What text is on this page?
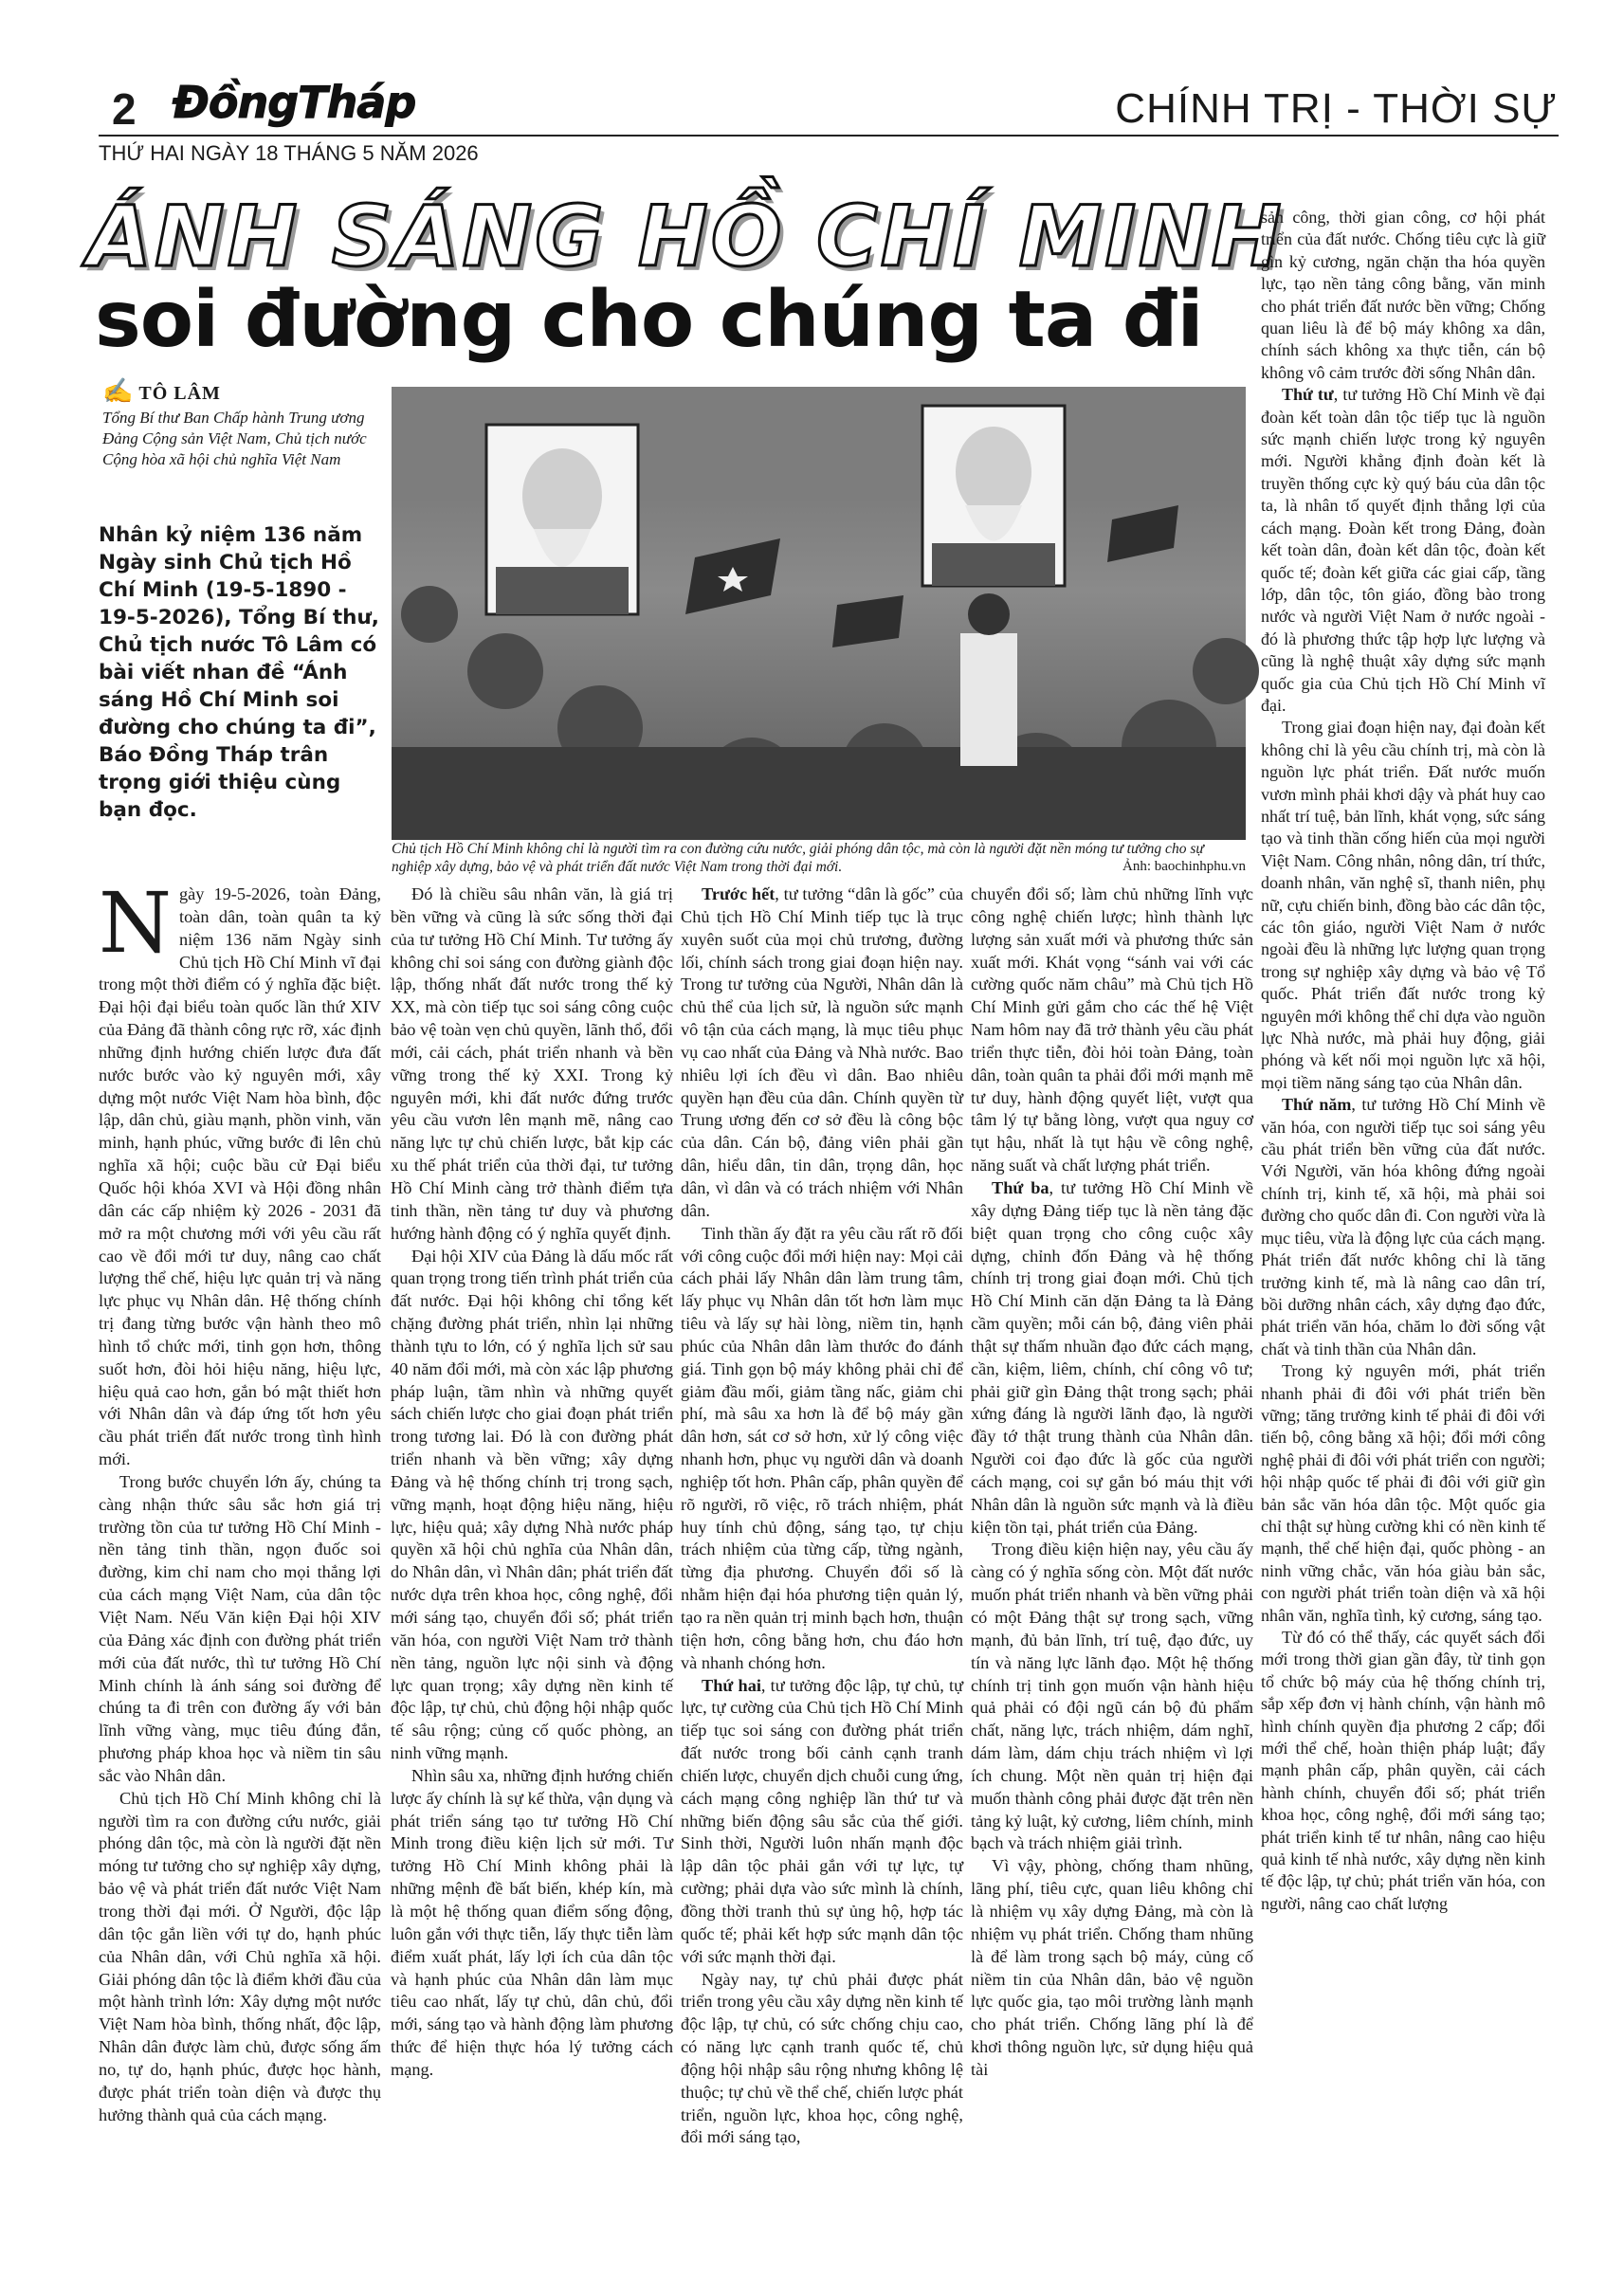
2 ĐồngTháp	CHÍNH TRỊ - THỜI SỰ
THỨ HAI NGÀY 18 THÁNG 5 NĂM 2026
ÁNH SÁNG HỒ CHÍ MINH
soi đường cho chúng ta đi
✍ TÔ LÂM
Tổng Bí thư Ban Chấp hành Trung ương Đảng Cộng sản Việt Nam, Chủ tịch nước Cộng hòa xã hội chủ nghĩa Việt Nam
Nhân kỷ niệm 136 năm Ngày sinh Chủ tịch Hồ Chí Minh (19-5-1890 - 19-5-2026), Tổng Bí thư, Chủ tịch nước Tô Lâm có bài viết nhan đề “Ánh sáng Hồ Chí Minh soi đường cho chúng ta đi”, Báo Đồng Tháp trân trọng giới thiệu cùng bạn đọc.
Chủ tịch Hồ Chí Minh không chỉ là người tìm ra con đường cứu nước, giải phóng dân tộc, mà còn là người đặt nền móng tư tưởng cho sự nghiệp xây dựng, bảo vệ và phát triển đất nước Việt Nam trong thời đại mới.	Ảnh: baochinhphu.vn

Ngày 19-5-2026, toàn Đảng, toàn dân, toàn quân ta kỷ niệm 136 năm Ngày sinh Chủ tịch Hồ Chí Minh vĩ đại trong một thời điểm có ý nghĩa đặc biệt. Đại hội đại biểu toàn quốc lần thứ XIV của Đảng đã thành công rực rỡ, xác định những định hướng chiến lược đưa đất nước bước vào kỷ nguyên mới, xây dựng một nước Việt Nam hòa bình, độc lập, dân chủ, giàu mạnh, phồn vinh, văn minh, hạnh phúc, vững bước đi lên chủ nghĩa xã hội; cuộc bầu cử Đại biểu Quốc hội khóa XVI và Hội đồng nhân dân các cấp nhiệm kỳ 2026 - 2031 đã mở ra một chương mới với yêu cầu rất cao về đổi mới tư duy, nâng cao chất lượng thể chế, hiệu lực quản trị và năng lực phục vụ Nhân dân. Hệ thống chính trị đang từng bước vận hành theo mô hình tổ chức mới, tinh gọn hơn, thông suốt hơn, đòi hỏi hiệu năng, hiệu lực, hiệu quả cao hơn, gắn bó mật thiết hơn với Nhân dân và đáp ứng tốt hơn yêu cầu phát triển đất nước trong tình hình mới.

Trong bước chuyển lớn ấy, chúng ta càng nhận thức sâu sắc hơn giá trị trường tồn của tư tưởng Hồ Chí Minh - nền tảng tinh thần, ngọn đuốc soi đường, kim chỉ nam cho mọi thắng lợi của cách mạng Việt Nam, của dân tộc Việt Nam. Nếu Văn kiện Đại hội XIV của Đảng xác định con đường phát triển mới của đất nước, thì tư tưởng Hồ Chí Minh chính là ánh sáng soi đường để chúng ta đi trên con đường ấy với bản lĩnh vững vàng, mục tiêu đúng đắn, phương pháp khoa học và niềm tin sâu sắc vào Nhân dân.

Chủ tịch Hồ Chí Minh không chỉ là người tìm ra con đường cứu nước, giải phóng dân tộc, mà còn là người đặt nền móng tư tưởng cho sự nghiệp xây dựng, bảo vệ và phát triển đất nước Việt Nam trong thời đại mới. Ở Người, độc lập dân tộc gắn liền với tự do, hạnh phúc của Nhân dân, với Chủ nghĩa xã hội. Giải phóng dân tộc là điểm khởi đầu của một hành trình lớn: Xây dựng một nước Việt Nam hòa bình, thống nhất, độc lập, Nhân dân được làm chủ, được sống ấm no, tự do, hạnh phúc, được học hành, được phát triển toàn diện và được thụ hưởng thành quả của cách mạng.

Đó là chiều sâu nhân văn, là giá trị bền vững và cũng là sức sống thời đại của tư tưởng Hồ Chí Minh. Tư tưởng ấy không chỉ soi sáng con đường giành độc lập, thống nhất đất nước trong thế kỷ XX, mà còn tiếp tục soi sáng công cuộc bảo vệ toàn vẹn chủ quyền, lãnh thổ, đổi mới, cải cách, phát triển nhanh và bền vững trong thế kỷ XXI. Trong kỷ nguyên mới, khi đất nước đứng trước yêu cầu vươn lên mạnh mẽ, nâng cao năng lực tự chủ chiến lược, bắt kịp các xu thế phát triển của thời đại, tư tưởng Hồ Chí Minh càng trở thành điểm tựa tinh thần, nền tảng tư duy và phương hướng hành động có ý nghĩa quyết định.

Đại hội XIV của Đảng là dấu mốc rất quan trọng trong tiến trình phát triển của đất nước. Đại hội không chỉ tổng kết chặng đường phát triển, nhìn lại những thành tựu to lớn, có ý nghĩa lịch sử sau 40 năm đổi mới, mà còn xác lập phương pháp luận, tầm nhìn và những quyết sách chiến lược cho giai đoạn phát triển trong tương lai. Đó là con đường phát triển nhanh và bền vững; xây dựng Đảng và hệ thống chính trị trong sạch, vững mạnh, hoạt động hiệu năng, hiệu lực, hiệu quả; xây dựng Nhà nước pháp quyền xã hội chủ nghĩa của Nhân dân, do Nhân dân, vì Nhân dân; phát triển đất nước dựa trên khoa học, công nghệ, đổi mới sáng tạo, chuyển đổi số; phát triển văn hóa, con người Việt Nam trở thành nền tảng, nguồn lực nội sinh và động lực quan trọng; xây dựng nền kinh tế độc lập, tự chủ, chủ động hội nhập quốc tế sâu rộng; củng cố quốc phòng, an ninh vững mạnh.

Nhìn sâu xa, những định hướng chiến lược ấy chính là sự kế thừa, vận dụng và phát triển sáng tạo tư tưởng Hồ Chí Minh trong điều kiện lịch sử mới. Tư tưởng Hồ Chí Minh không phải là những mệnh đề bất biến, khép kín, mà là một hệ thống quan điểm sống động, luôn gắn với thực tiễn, lấy thực tiễn làm điểm xuất phát, lấy lợi ích của dân tộc và hạnh phúc của Nhân dân làm mục tiêu cao nhất, lấy tự chủ, dân chủ, đổi mới, sáng tạo và hành động làm phương thức để hiện thực hóa lý tưởng cách mạng.

Trước hết, tư tưởng “dân là gốc” của Chủ tịch Hồ Chí Minh tiếp tục là trục xuyên suốt của mọi chủ trương, đường lối, chính sách trong giai đoạn hiện nay. Trong tư tưởng của Người, Nhân dân là chủ thể của lịch sử, là nguồn sức mạnh vô tận của cách mạng, là mục tiêu phục vụ cao nhất của Đảng và Nhà nước. Bao nhiêu lợi ích đều vì dân. Bao nhiêu quyền hạn đều của dân. Chính quyền từ Trung ương đến cơ sở đều là công bộc của dân. Cán bộ, đảng viên phải gần dân, hiểu dân, tin dân, trọng dân, học dân, vì dân và có trách nhiệm với Nhân dân.

Tinh thần ấy đặt ra yêu cầu rất rõ đối với công cuộc đổi mới hiện nay: Mọi cải cách phải lấy Nhân dân làm trung tâm, lấy phục vụ Nhân dân tốt hơn làm mục tiêu và lấy sự hài lòng, niềm tin, hạnh phúc của Nhân dân làm thước đo đánh giá. Tinh gọn bộ máy không phải chỉ để giảm đầu mối, giảm tầng nấc, giảm chi phí, mà sâu xa hơn là để bộ máy gần dân hơn, sát cơ sở hơn, xử lý công việc nhanh hơn, phục vụ người dân và doanh nghiệp tốt hơn. Phân cấp, phân quyền để rõ người, rõ việc, rõ trách nhiệm, phát huy tính chủ động, sáng tạo, tự chịu trách nhiệm của từng cấp, từng ngành, từng địa phương. Chuyển đổi số là nhằm hiện đại hóa phương tiện quản lý, tạo ra nền quản trị minh bạch hơn, thuận tiện hơn, công bằng hơn, chu đáo hơn và nhanh chóng hơn.

Thứ hai, tư tưởng độc lập, tự chủ, tự lực, tự cường của Chủ tịch Hồ Chí Minh tiếp tục soi sáng con đường phát triển đất nước trong bối cảnh cạnh tranh chiến lược, chuyển dịch chuỗi cung ứng, cách mạng công nghiệp lần thứ tư và những biến động sâu sắc của thế giới. Sinh thời, Người luôn nhấn mạnh độc lập dân tộc phải gắn với tự lực, tự cường; phải dựa vào sức mình là chính, đồng thời tranh thủ sự ủng hộ, hợp tác quốc tế; phải kết hợp sức mạnh dân tộc với sức mạnh thời đại.

Ngày nay, tự chủ phải được phát triển trong yêu cầu xây dựng nền kinh tế độc lập, tự chủ, có sức chống chịu cao, có năng lực cạnh tranh quốc tế, chủ động hội nhập sâu rộng nhưng không lệ thuộc; tự chủ về thể chế, chiến lược phát triển, nguồn lực, khoa học, công nghệ, đổi mới sáng tạo,

chuyển đổi số; làm chủ những lĩnh vực công nghệ chiến lược; hình thành lực lượng sản xuất mới và phương thức sản xuất mới. Khát vọng “sánh vai với các cường quốc năm châu” mà Chủ tịch Hồ Chí Minh gửi gắm cho các thế hệ Việt Nam hôm nay đã trở thành yêu cầu phát triển thực tiễn, đòi hỏi toàn Đảng, toàn dân, toàn quân ta phải đổi mới mạnh mẽ tư duy, hành động quyết liệt, vượt qua tâm lý tự bằng lòng, vượt qua nguy cơ tụt hậu, nhất là tụt hậu về công nghệ, năng suất và chất lượng phát triển.

Thứ ba, tư tưởng Hồ Chí Minh về xây dựng Đảng tiếp tục là nền tảng đặc biệt quan trọng cho công cuộc xây dựng, chỉnh đốn Đảng và hệ thống chính trị trong giai đoạn mới. Chủ tịch Hồ Chí Minh căn dặn Đảng ta là Đảng cầm quyền; mỗi cán bộ, đảng viên phải thật sự thấm nhuần đạo đức cách mạng, cần, kiệm, liêm, chính, chí công vô tư; phải giữ gìn Đảng thật trong sạch; phải xứng đáng là người lãnh đạo, là người đầy tớ thật trung thành của Nhân dân. Người coi đạo đức là gốc của người cách mạng, coi sự gắn bó máu thịt với Nhân dân là nguồn sức mạnh và là điều kiện tồn tại, phát triển của Đảng.

Trong điều kiện hiện nay, yêu cầu ấy càng có ý nghĩa sống còn. Một đất nước muốn phát triển nhanh và bền vững phải có một Đảng thật sự trong sạch, vững mạnh, đủ bản lĩnh, trí tuệ, đạo đức, uy tín và năng lực lãnh đạo. Một hệ thống chính trị tinh gọn muốn vận hành hiệu quả phải có đội ngũ cán bộ đủ phẩm chất, năng lực, trách nhiệm, dám nghĩ, dám làm, dám chịu trách nhiệm vì lợi ích chung. Một nền quản trị hiện đại muốn thành công phải được đặt trên nền tảng kỷ luật, kỷ cương, liêm chính, minh bạch và trách nhiệm giải trình.

Vì vậy, phòng, chống tham nhũng, lãng phí, tiêu cực, quan liêu không chỉ là nhiệm vụ xây dựng Đảng, mà còn là nhiệm vụ phát triển. Chống tham nhũng là để làm trong sạch bộ máy, củng cố niềm tin của Nhân dân, bảo vệ nguồn lực quốc gia, tạo môi trường lành mạnh cho phát triển. Chống lãng phí là để khơi thông nguồn lực, sử dụng hiệu quả tài

sản công, thời gian công, cơ hội phát triển của đất nước. Chống tiêu cực là giữ gìn kỷ cương, ngăn chặn tha hóa quyền lực, tạo nền tảng công bằng, văn minh cho phát triển đất nước bền vững; Chống quan liêu là để bộ máy không xa dân, chính sách không xa thực tiễn, cán bộ không vô cảm trước đời sống Nhân dân.

Thứ tư, tư tưởng Hồ Chí Minh về đại đoàn kết toàn dân tộc tiếp tục là nguồn sức mạnh chiến lược trong kỷ nguyên mới. Người khẳng định đoàn kết là truyền thống cực kỳ quý báu của dân tộc ta, là nhân tố quyết định thắng lợi của cách mạng. Đoàn kết trong Đảng, đoàn kết toàn dân, đoàn kết dân tộc, đoàn kết quốc tế; đoàn kết giữa các giai cấp, tầng lớp, dân tộc, tôn giáo, đồng bào trong nước và người Việt Nam ở nước ngoài - đó là phương thức tập hợp lực lượng và cũng là nghệ thuật xây dựng sức mạnh quốc gia của Chủ tịch Hồ Chí Minh vĩ đại.

Trong giai đoạn hiện nay, đại đoàn kết không chỉ là yêu cầu chính trị, mà còn là nguồn lực phát triển. Đất nước muốn vươn mình phải khơi dậy và phát huy cao nhất trí tuệ, bản lĩnh, khát vọng, sức sáng tạo và tinh thần cống hiến của mọi người Việt Nam. Công nhân, nông dân, trí thức, doanh nhân, văn nghệ sĩ, thanh niên, phụ nữ, cựu chiến binh, đồng bào các dân tộc, các tôn giáo, người Việt Nam ở nước ngoài đều là những lực lượng quan trọng trong sự nghiệp xây dựng và bảo vệ Tổ quốc. Phát triển đất nước trong kỷ nguyên mới không thể chỉ dựa vào nguồn lực Nhà nước, mà phải huy động, giải phóng và kết nối mọi nguồn lực xã hội, mọi tiềm năng sáng tạo của Nhân dân.

Thứ năm, tư tưởng Hồ Chí Minh về văn hóa, con người tiếp tục soi sáng yêu cầu phát triển bền vững của đất nước. Với Người, văn hóa không đứng ngoài chính trị, kinh tế, xã hội, mà phải soi đường cho quốc dân đi. Con người vừa là mục tiêu, vừa là động lực của cách mạng. Phát triển đất nước không chỉ là tăng trưởng kinh tế, mà là nâng cao dân trí, bồi dưỡng nhân cách, xây dựng đạo đức, phát triển văn hóa, chăm lo đời sống vật chất và tinh thần của Nhân dân.

Trong kỷ nguyên mới, phát triển nhanh phải đi đôi với phát triển bền vững; tăng trưởng kinh tế phải đi đôi với tiến bộ, công bằng xã hội; đổi mới công nghệ phải đi đôi với phát triển con người; hội nhập quốc tế phải đi đôi với giữ gìn bản sắc văn hóa dân tộc. Một quốc gia chỉ thật sự hùng cường khi có nền kinh tế mạnh, thể chế hiện đại, quốc phòng - an ninh vững chắc, văn hóa giàu bản sắc, con người phát triển toàn diện và xã hội nhân văn, nghĩa tình, kỷ cương, sáng tạo.

Từ đó có thể thấy, các quyết sách đổi mới trong thời gian gần đây, từ tinh gọn tổ chức bộ máy của hệ thống chính trị, sắp xếp đơn vị hành chính, vận hành mô hình chính quyền địa phương 2 cấp; đổi mới thể chế, hoàn thiện pháp luật; đẩy mạnh phân cấp, phân quyền, cải cách hành chính, chuyển đổi số; phát triển khoa học, công nghệ, đổi mới sáng tạo; phát triển kinh tế tư nhân, nâng cao hiệu quả kinh tế nhà nước, xây dựng nền kinh tế độc lập, tự chủ; phát triển văn hóa, con người, nâng cao chất lượng
